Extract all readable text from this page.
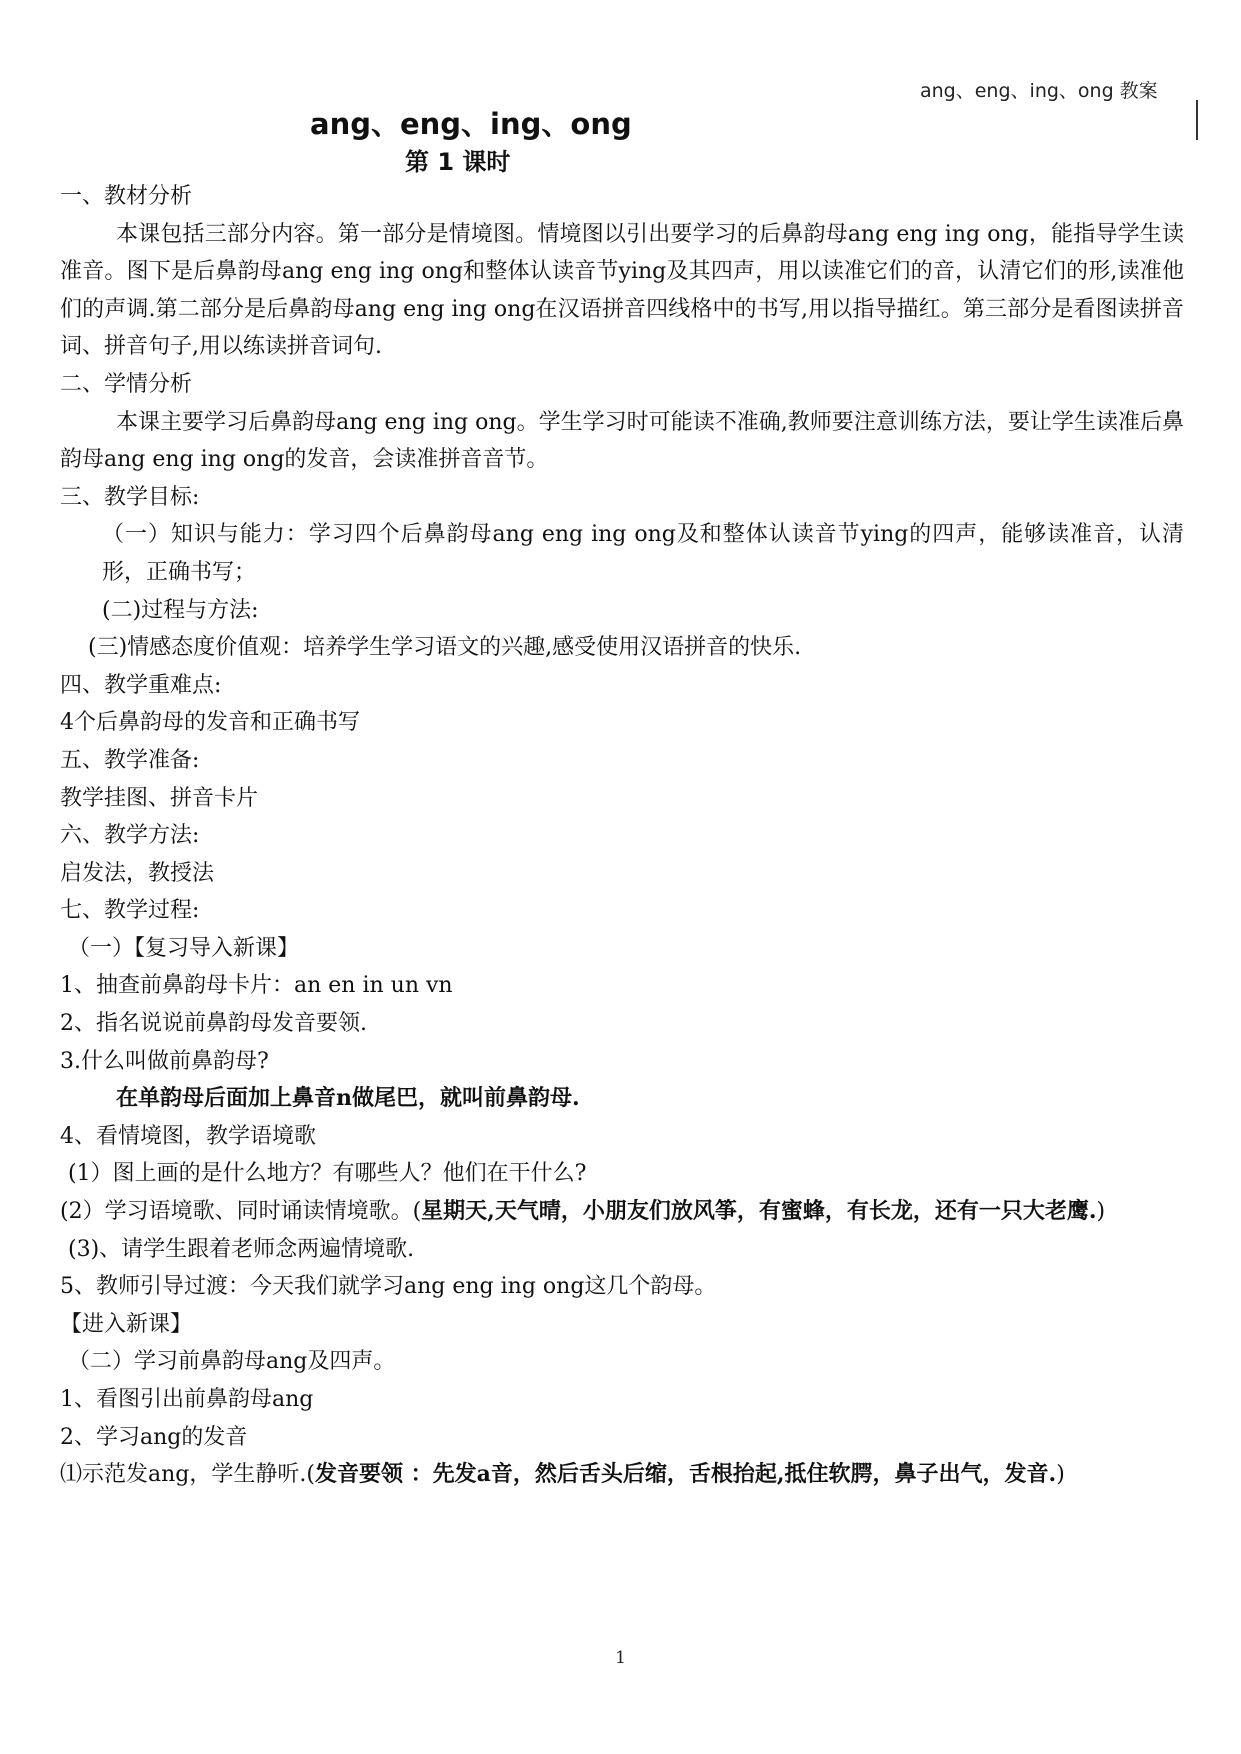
ang、eng、ing、ong 教案
ang、eng、ing、ong
第 1 课时

一、教材分析

本课包括三部分内容。第一部分是情境图。情境图以引出要学习的后鼻韵母ang eng ing ong，能指导学生读准音。图下是后鼻韵母ang eng ing ong和整体认读音节ying及其四声，用以读准它们的音，认清它们的形,读准他们的声调.第二部分是后鼻韵母ang eng ing ong在汉语拼音四线格中的书写,用以指导描红。第三部分是看图读拼音词、拼音句子,用以练读拼音词句.

二、学情分析

本课主要学习后鼻韵母ang eng ing ong。学生学习时可能读不准确,教师要注意训练方法，要让学生读准后鼻韵母ang eng ing ong的发音，会读准拼音音节。

三、教学目标:

（一）知识与能力：学习四个后鼻韵母ang eng ing ong及和整体认读音节ying的四声，能够读准音，认清形，正确书写；

(二)过程与方法:

(三)情感态度价值观：培养学生学习语文的兴趣,感受使用汉语拼音的快乐.

四、教学重难点:

4个后鼻韵母的发音和正确书写

五、教学准备:

教学挂图、拼音卡片

六、教学方法:

启发法，教授法

七、教学过程:

（一）【复习导入新课】

1、抽查前鼻韵母卡片：an en in un vn

2、指名说说前鼻韵母发音要领.

3.什么叫做前鼻韵母?

在单韵母后面加上鼻音n做尾巴，就叫前鼻韵母.

4、看情境图，教学语境歌

(1）图上画的是什么地方？有哪些人？他们在干什么?

(2）学习语境歌、同时诵读情境歌。(星期天,天气晴，小朋友们放风筝，有蜜蜂，有长龙，还有一只大老鹰.)

(3)、请学生跟着老师念两遍情境歌.

5、教师引导过渡：今天我们就学习ang eng ing ong这几个韵母。

【进入新课】

（二）学习前鼻韵母ang及四声。

1、看图引出前鼻韵母ang

2、学习ang的发音

⑴示范发ang，学生静听.(发音要领 ：先发a音，然后舌头后缩，舌根抬起,抵住软腭，鼻子出气，发音.)

1
